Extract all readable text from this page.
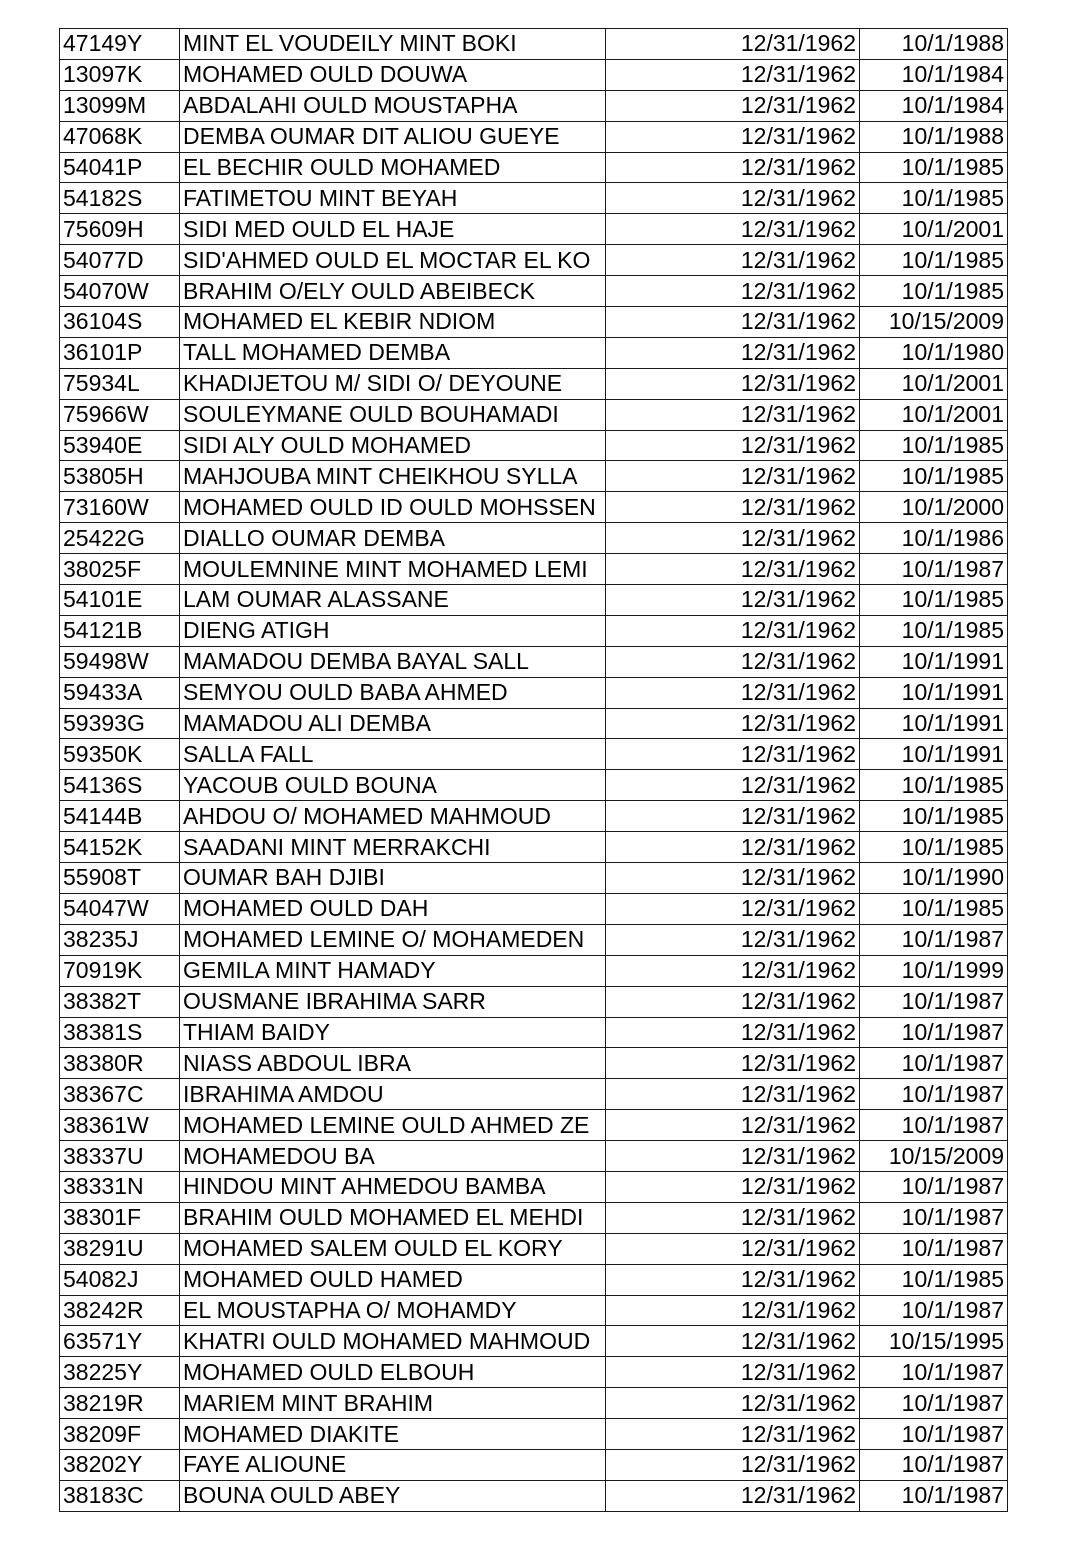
47149Y	MINT EL VOUDEILY MINT BOKI	12/31/1962	10/1/1988
13097K	MOHAMED OULD DOUWA	12/31/1962	10/1/1984
13099M	ABDALAHI OULD MOUSTAPHA	12/31/1962	10/1/1984
47068K	DEMBA OUMAR DIT ALIOU GUEYE	12/31/1962	10/1/1988
54041P	EL BECHIR OULD MOHAMED	12/31/1962	10/1/1985
54182S	FATIMETOU MINT BEYAH	12/31/1962	10/1/1985
75609H	SIDI MED OULD EL HAJE	12/31/1962	10/1/2001
54077D	SID'AHMED OULD EL MOCTAR EL KO	12/31/1962	10/1/1985
54070W	BRAHIM O/ELY OULD ABEIBECK	12/31/1962	10/1/1985
36104S	MOHAMED EL KEBIR NDIOM	12/31/1962	10/15/2009
36101P	TALL MOHAMED DEMBA	12/31/1962	10/1/1980
75934L	KHADIJETOU M/ SIDI O/ DEYOUNE	12/31/1962	10/1/2001
75966W	SOULEYMANE OULD BOUHAMADI	12/31/1962	10/1/2001
53940E	SIDI ALY OULD MOHAMED	12/31/1962	10/1/1985
53805H	MAHJOUBA MINT CHEIKHOU SYLLA	12/31/1962	10/1/1985
73160W	MOHAMED OULD ID OULD MOHSSEN	12/31/1962	10/1/2000
25422G	DIALLO OUMAR DEMBA	12/31/1962	10/1/1986
38025F	MOULEMNINE MINT MOHAMED LEMI	12/31/1962	10/1/1987
54101E	LAM OUMAR ALASSANE	12/31/1962	10/1/1985
54121B	DIENG ATIGH	12/31/1962	10/1/1985
59498W	MAMADOU DEMBA BAYAL SALL	12/31/1962	10/1/1991
59433A	SEMYOU OULD BABA AHMED	12/31/1962	10/1/1991
59393G	MAMADOU ALI DEMBA	12/31/1962	10/1/1991
59350K	SALLA FALL	12/31/1962	10/1/1991
54136S	YACOUB OULD BOUNA	12/31/1962	10/1/1985
54144B	AHDOU O/ MOHAMED MAHMOUD	12/31/1962	10/1/1985
54152K	SAADANI MINT MERRAKCHI	12/31/1962	10/1/1985
55908T	OUMAR BAH DJIBI	12/31/1962	10/1/1990
54047W	MOHAMED OULD DAH	12/31/1962	10/1/1985
38235J	MOHAMED LEMINE O/ MOHAMEDEN	12/31/1962	10/1/1987
70919K	GEMILA MINT HAMADY	12/31/1962	10/1/1999
38382T	OUSMANE IBRAHIMA SARR	12/31/1962	10/1/1987
38381S	THIAM BAIDY	12/31/1962	10/1/1987
38380R	NIASS ABDOUL IBRA	12/31/1962	10/1/1987
38367C	IBRAHIMA AMDOU	12/31/1962	10/1/1987
38361W	MOHAMED LEMINE OULD AHMED ZE	12/31/1962	10/1/1987
38337U	MOHAMEDOU BA	12/31/1962	10/15/2009
38331N	HINDOU MINT AHMEDOU BAMBA	12/31/1962	10/1/1987
38301F	BRAHIM OULD MOHAMED EL MEHDI	12/31/1962	10/1/1987
38291U	MOHAMED SALEM OULD EL KORY	12/31/1962	10/1/1987
54082J	MOHAMED OULD HAMED	12/31/1962	10/1/1985
38242R	EL MOUSTAPHA O/ MOHAMDY	12/31/1962	10/1/1987
63571Y	KHATRI OULD MOHAMED MAHMOUD	12/31/1962	10/15/1995
38225Y	MOHAMED OULD ELBOUH	12/31/1962	10/1/1987
38219R	MARIEM MINT BRAHIM	12/31/1962	10/1/1987
38209F	MOHAMED DIAKITE	12/31/1962	10/1/1987
38202Y	FAYE ALIOUNE	12/31/1962	10/1/1987
38183C	BOUNA OULD ABEY	12/31/1962	10/1/1987
